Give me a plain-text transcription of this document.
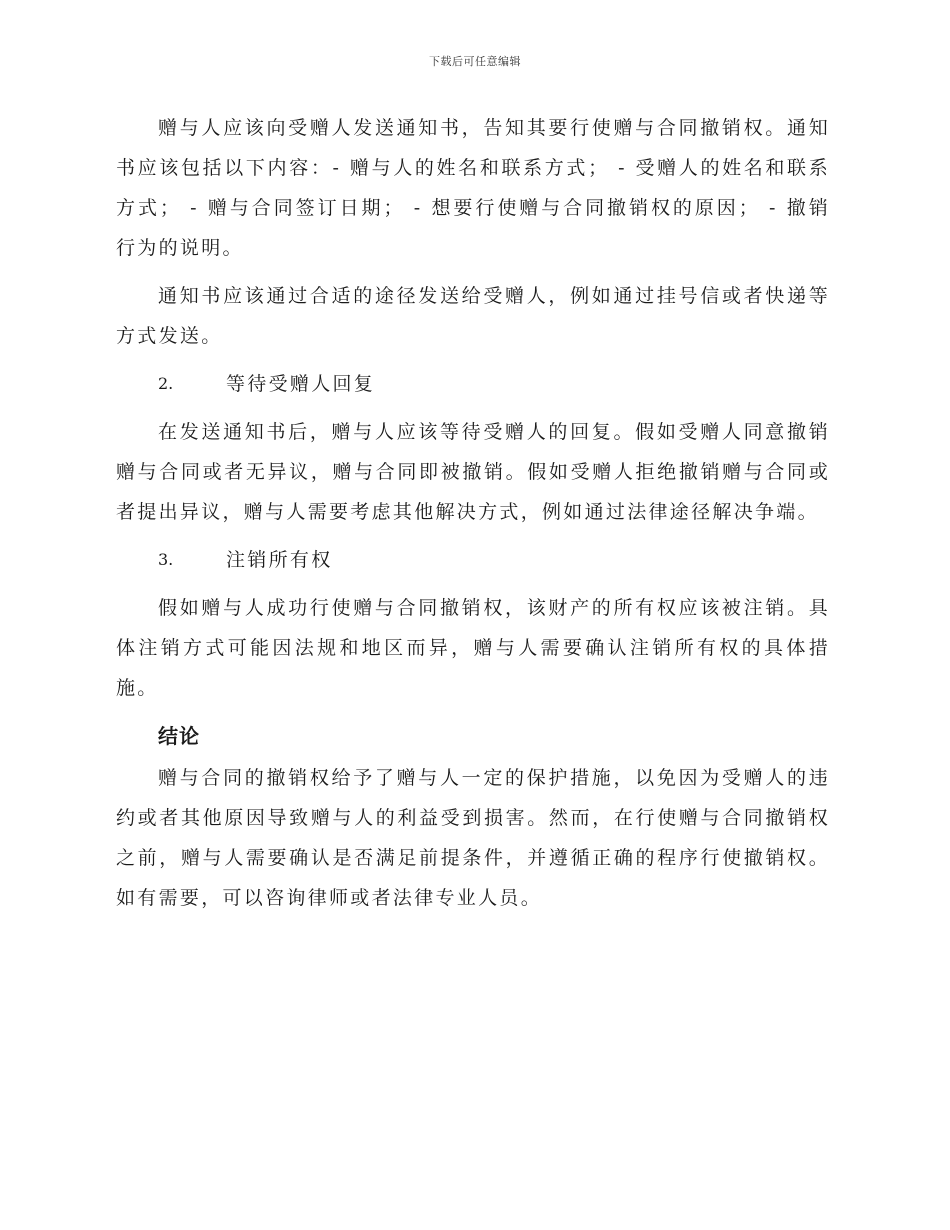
下载后可任意编辑

赠与人应该向受赠人发送通知书，告知其要行使赠与合同撤销权。通知书应该包括以下内容：- 赠与人的姓名和联系方式； - 受赠人的姓名和联系方式； - 赠与合同签订日期； - 想要行使赠与合同撤销权的原因； - 撤销行为的说明。

通知书应该通过合适的途径发送给受赠人，例如通过挂号信或者快递等方式发送。

2.	等待受赠人回复

在发送通知书后，赠与人应该等待受赠人的回复。假如受赠人同意撤销赠与合同或者无异议，赠与合同即被撤销。假如受赠人拒绝撤销赠与合同或者提出异议，赠与人需要考虑其他解决方式，例如通过法律途径解决争端。

3.	注销所有权

假如赠与人成功行使赠与合同撤销权，该财产的所有权应该被注销。具体注销方式可能因法规和地区而异，赠与人需要确认注销所有权的具体措施。

结论

赠与合同的撤销权给予了赠与人一定的保护措施，以免因为受赠人的违约或者其他原因导致赠与人的利益受到损害。然而，在行使赠与合同撤销权之前，赠与人需要确认是否满足前提条件，并遵循正确的程序行使撤销权。如有需要，可以咨询律师或者法律专业人员。
